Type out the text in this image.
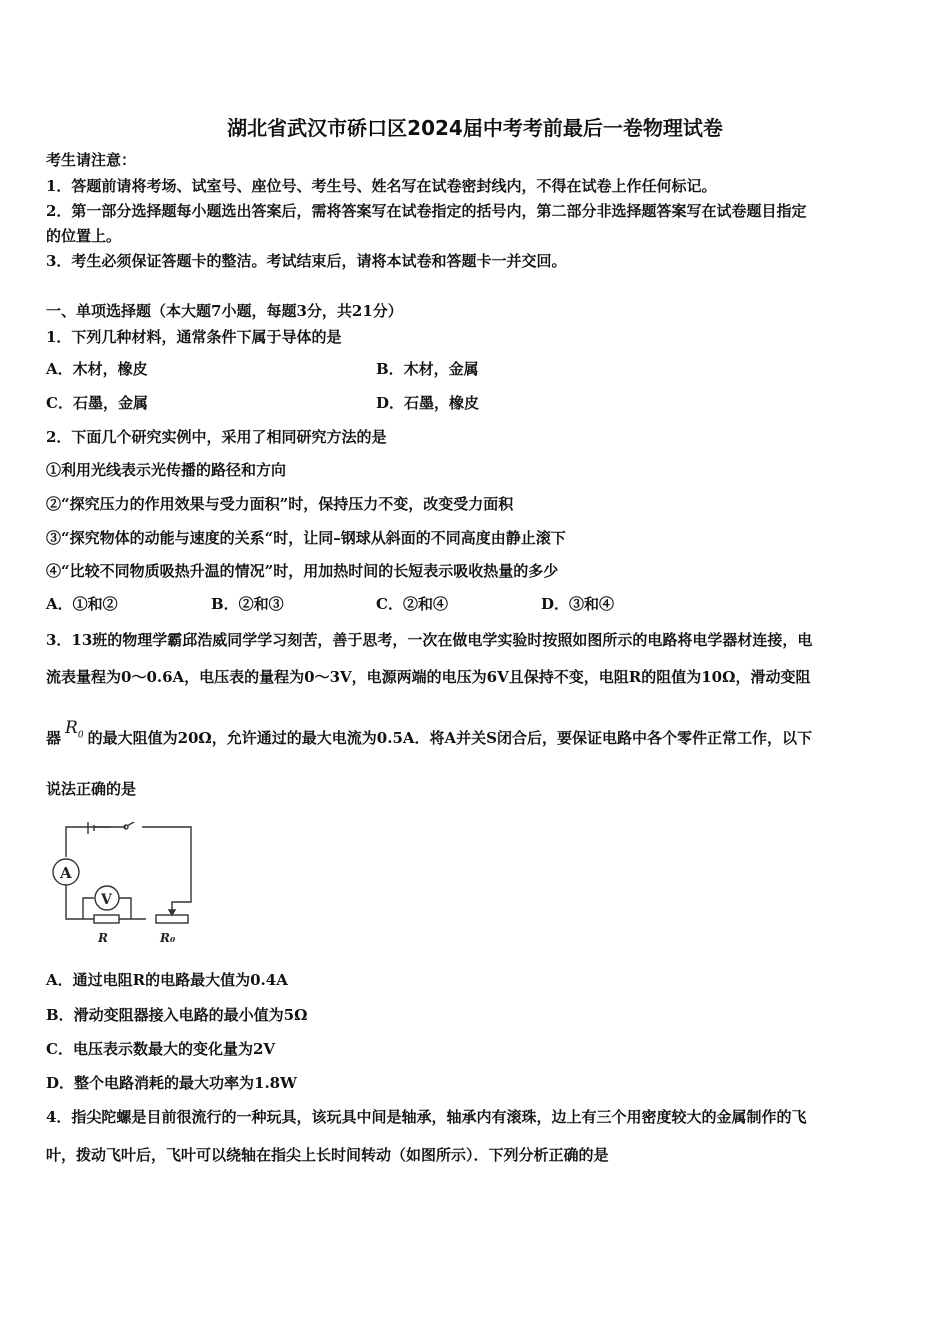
湖北省武汉市硚口区2024届中考考前最后一卷物理试卷
考生请注意：
1．答题前请将考场、试室号、座位号、考生号、姓名写在试卷密封线内，不得在试卷上作任何标记。
2．第一部分选择题每小题选出答案后，需将答案写在试卷指定的括号内，第二部分非选择题答案写在试卷题目指定
的位置上。
3．考生必须保证答题卡的整洁。考试结束后，请将本试卷和答题卡一并交回。
一、单项选择题（本大题7小题，每题3分，共21分）
1．下列几种材料，通常条件下属于导体的是
A．木材，橡皮	B．木材，金属
C．石墨，金属	D．石墨，橡皮
2．下面几个研究实例中，采用了相同研究方法的是
①利用光线表示光传播的路径和方向
②“探究压力的作用效果与受力面积”时，保持压力不变，改变受力面积
③“探究物体的动能与速度的关系“时，让同–钢球从斜面的不同高度由静止滚下
④“比较不同物质吸热升温的情况”时，用加热时间的长短表示吸收热量的多少
A．①和②	B．②和③	C．②和④	D．③和④
3．13班的物理学霸邱浩威同学学习刻苦，善于思考，一次在做电学实验时按照如图所示的电路将电学器材连接，电
流表量程为0～0.6A，电压表的量程为0～3V，电源两端的电压为6V且保持不变，电阻R的阻值为10Ω，滑动变阻
器 $R_0$ 的最大阻值为20Ω，允许通过的最大电流为0.5A．将A并关S闭合后，要保证电路中各个零件正常工作，以下
说法正确的是
A
V
R	R₀
A．通过电阻R的电路最大值为0.4A
B．滑动变阻器接入电路的最小值为5Ω
C．电压表示数最大的变化量为2V
D．整个电路消耗的最大功率为1.8W
4．指尖陀螺是目前很流行的一种玩具，该玩具中间是轴承，轴承内有滚珠，边上有三个用密度较大的金属制作的飞
叶，拨动飞叶后，飞叶可以绕轴在指尖上长时间转动（如图所示）．下列分析正确的是
